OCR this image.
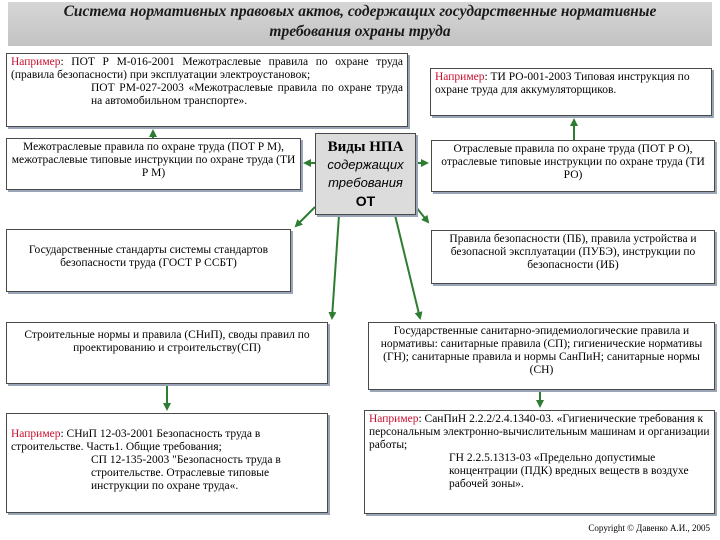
Система нормативных правовых актов, содержащих государственные нормативные
требования охраны труда
Например: ПОТ Р М-016-2001 Межотраслевые правила по охране труда (правила безопасности) при эксплуатации электроустановок;
ПОТ РМ-027-2003 «Межотраслевые правила по охране труда на автомобильном транспорте».
Например: ТИ РО-001-2003 Типовая инструкция по охране труда для аккумуляторщиков.
Межотраслевые правила по охране труда (ПОТ Р М), межотраслевые типовые инструкции по охране труда (ТИ Р М)
Виды НПА
содержащих требования
ОТ
Отраслевые правила по охране труда (ПОТ Р О), отраслевые типовые инструкции по охране труда (ТИ РО)
Государственные стандарты системы стандартов безопасности труда (ГОСТ Р ССБТ)
Правила безопасности (ПБ), правила устройства и безопасной эксплуатации (ПУБЭ), инструкции по безопасности (ИБ)
Строительные нормы и правила (СНиП), своды правил по проектированию и строительству(СП)
Государственные санитарно-эпидемиологические правила и нормативы: санитарные правила (СП); гигиенические нормативы (ГН); санитарные правила и нормы СанПиН; санитарные нормы (СН)
Например: СНиП 12-03-2001 Безопасность труда в строительстве. Часть1. Общие требования;
СП 12-135-2003 "Безопасность труда в строительстве. Отраслевые типовые инструкции по охране труда«.
Например: СанПиН 2.2.2/2.4.1340-03. «Гигиенические требования к персональным электронно-вычислительным машинам и организации работы;
ГН 2.2.5.1313-03 «Предельно допустимые концентрации (ПДК) вредных веществ в воздухе рабочей зоны».
Copyright © Давенко А.И., 2005
